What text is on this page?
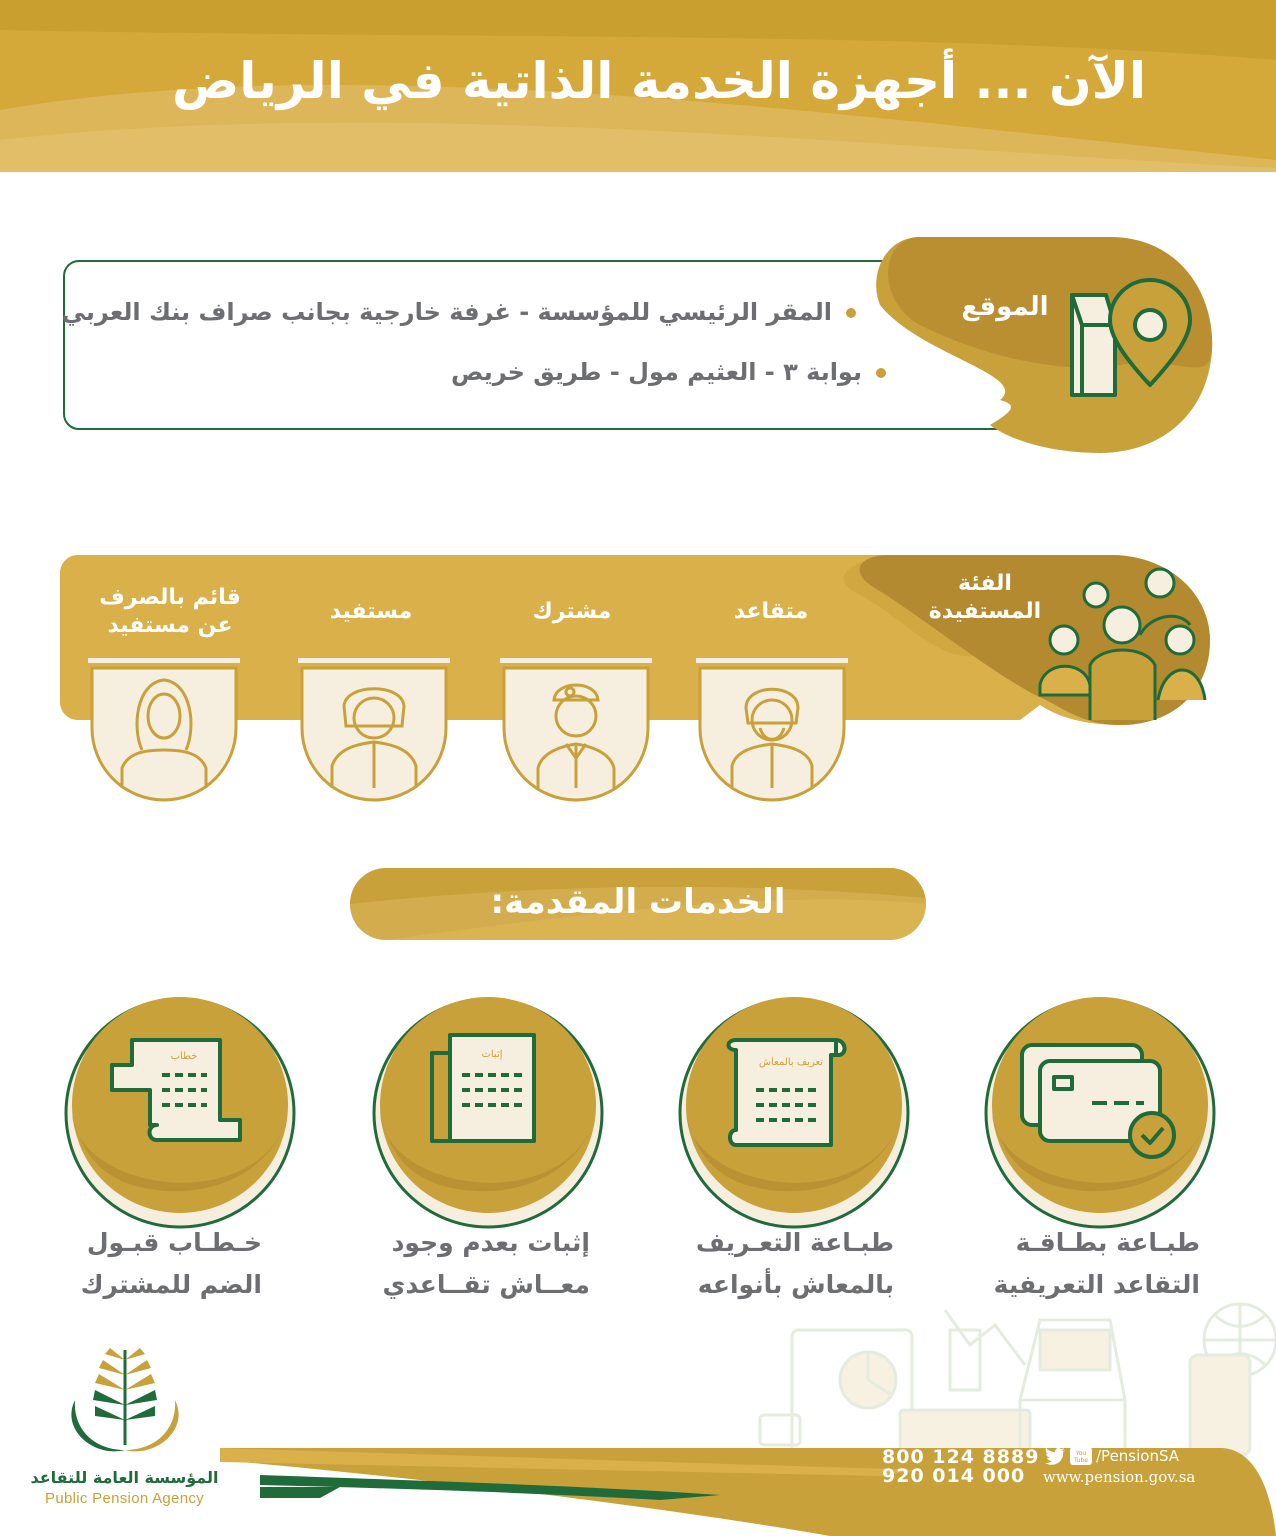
الآن ... أجهزة الخدمة الذاتية في الرياض
الموقع
المقر الرئيسي للمؤسسة - غرفة خارجية بجانب صراف بنك العربي
بوابة ٣ - العثيم مول - طريق خريص
الفئة المستفيدة
متقاعد
مشترك
مستفيد
قائم بالصرف عن مستفيد
الخدمات المقدمة:
تعريف بالمعاش
إثبات
خطاب
طبـاعة بطـاقـة
التقاعد التعريفية
طبـاعة التعـريف
بالمعاش بأنواعه
إثبات بعدم وجود
معــاش تقــاعدي
خـطـاب قبـول
الضم للمشترك
800 124 8889
920 014 000
You
Tube /PensionSA
www.pension.gov.sa
المؤسسة العامة للتقاعد
Public Pension Agency
